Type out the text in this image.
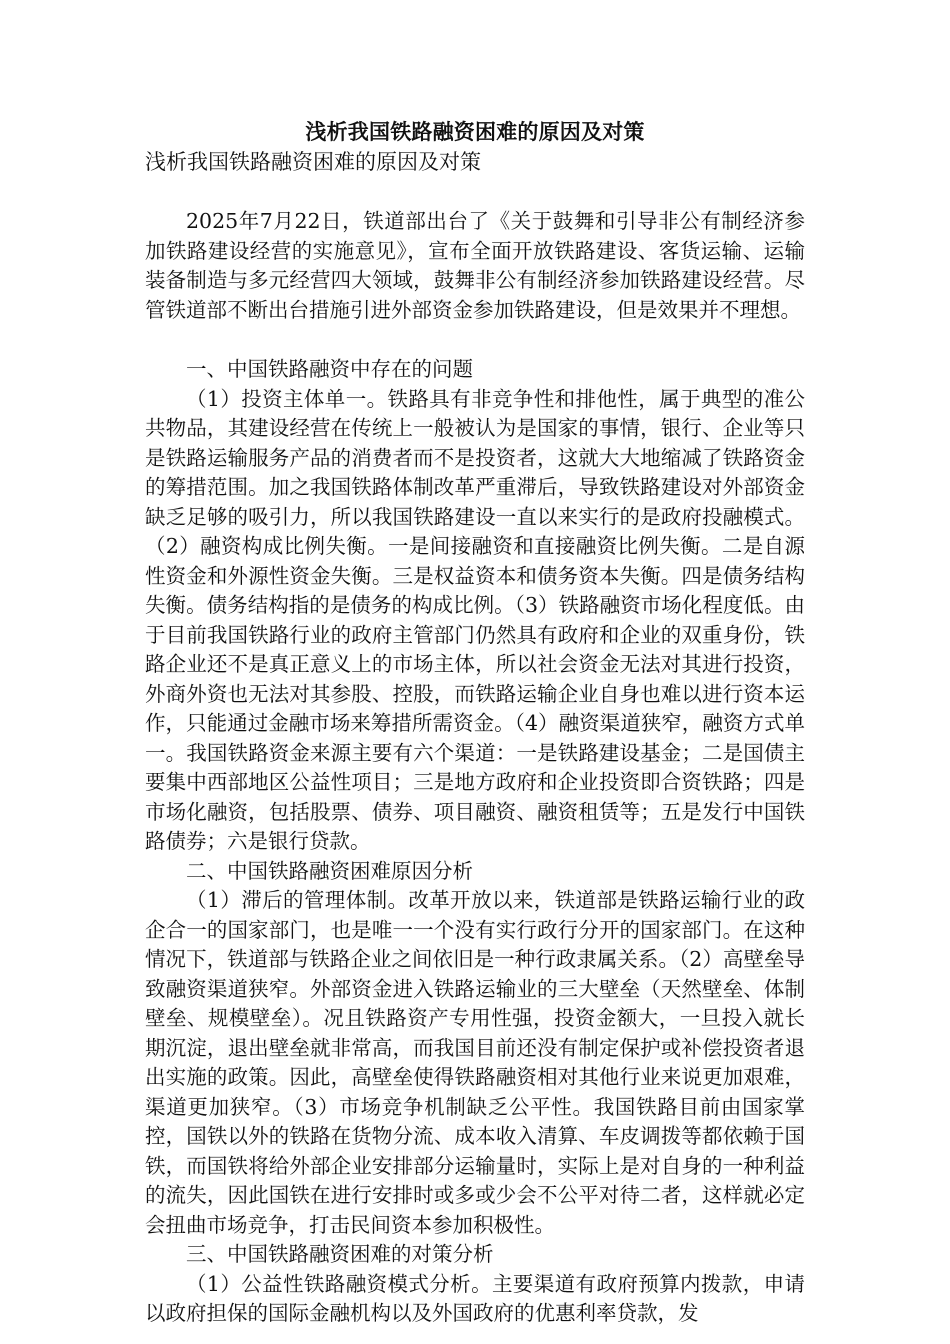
浅析我国铁路融资困难的原因及对策
浅析我国铁路融资困难的原因及对策

2025年7月22日，铁道部出台了《关于鼓舞和引导非公有制经济参加铁路建设经营的实施意见》，宣布全面开放铁路建设、客货运输、运输装备制造与多元经营四大领域，鼓舞非公有制经济参加铁路建设经营。尽管铁道部不断出台措施引进外部资金参加铁路建设，但是效果并不理想。

一、中国铁路融资中存在的问题

（1）投资主体单一。铁路具有非竞争性和排他性，属于典型的准公共物品，其建设经营在传统上一般被认为是国家的事情，银行、企业等只是铁路运输服务产品的消费者而不是投资者，这就大大地缩减了铁路资金的筹措范围。加之我国铁路体制改革严重滞后，导致铁路建设对外部资金缺乏足够的吸引力，所以我国铁路建设一直以来实行的是政府投融模式。（2）融资构成比例失衡。一是间接融资和直接融资比例失衡。二是自源性资金和外源性资金失衡。三是权益资本和债务资本失衡。四是债务结构失衡。债务结构指的是债务的构成比例。（3）铁路融资市场化程度低。由于目前我国铁路行业的政府主管部门仍然具有政府和企业的双重身份，铁路企业还不是真正意义上的市场主体，所以社会资金无法对其进行投资，外商外资也无法对其参股、控股，而铁路运输企业自身也难以进行资本运作，只能通过金融市场来筹措所需资金。（4）融资渠道狭窄，融资方式单一。我国铁路资金来源主要有六个渠道：一是铁路建设基金；二是国债主要集中西部地区公益性项目；三是地方政府和企业投资即合资铁路；四是市场化融资，包括股票、债券、项目融资、融资租赁等；五是发行中国铁路债券；六是银行贷款。

二、中国铁路融资困难原因分析

（1）滞后的管理体制。改革开放以来，铁道部是铁路运输行业的政企合一的国家部门，也是唯一一个没有实行政行分开的国家部门。在这种情况下，铁道部与铁路企业之间依旧是一种行政隶属关系。（2）高壁垒导致融资渠道狭窄。外部资金进入铁路运输业的三大壁垒（天然壁垒、体制壁垒、规模壁垒）。况且铁路资产专用性强，投资金额大，一旦投入就长期沉淀，退出壁垒就非常高，而我国目前还没有制定保护或补偿投资者退出实施的政策。因此，高壁垒使得铁路融资相对其他行业来说更加艰难，渠道更加狭窄。（3）市场竞争机制缺乏公平性。我国铁路目前由国家掌控，国铁以外的铁路在货物分流、成本收入清算、车皮调拨等都依赖于国铁，而国铁将给外部企业安排部分运输量时，实际上是对自身的一种利益的流失，因此国铁在进行安排时或多或少会不公平对待二者，这样就必定会扭曲市场竞争，打击民间资本参加积极性。

三、中国铁路融资困难的对策分析

（1）公益性铁路融资模式分析。主要渠道有政府预算内拨款，申请以政府担保的国际金融机构以及外国政府的优惠利率贷款，发
